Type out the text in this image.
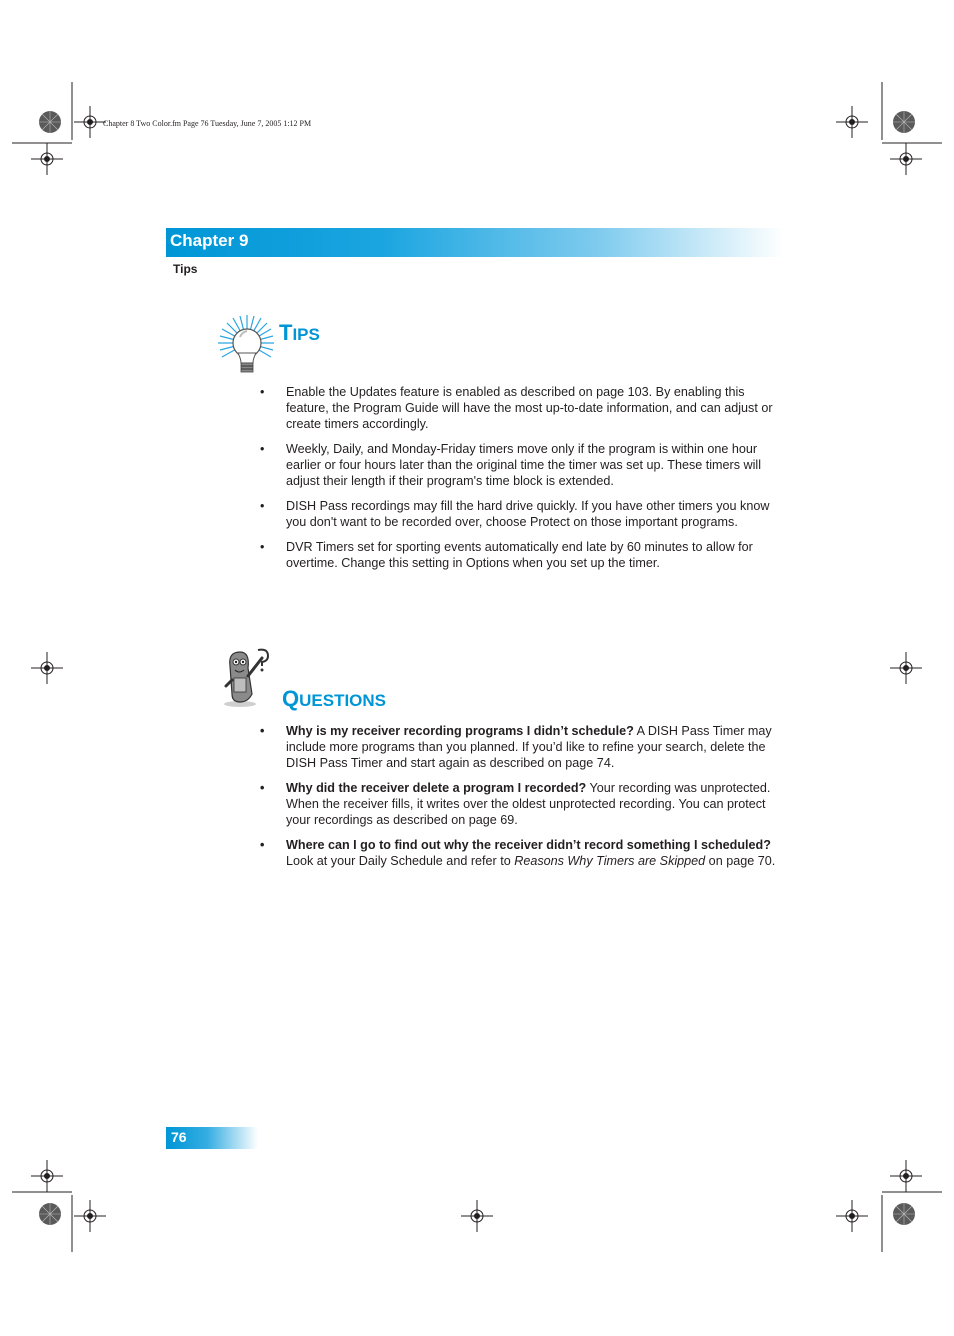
Chapter 8 Two Color.fm Page 76 Tuesday, June 7, 2005 1:12 PM
Chapter 9
Tips
TIPS
• Enable the Updates feature is enabled as described on page 103. By enabling this feature, the Program Guide will have the most up-to-date information, and can adjust or create timers accordingly.
• Weekly, Daily, and Monday-Friday timers move only if the program is within one hour earlier or four hours later than the original time the timer was set up. These timers will adjust their length if their program's time block is extended.
• DISH Pass recordings may fill the hard drive quickly. If you have other timers you know you don't want to be recorded over, choose Protect on those important programs.
• DVR Timers set for sporting events automatically end late by 60 minutes to allow for overtime. Change this setting in Options when you set up the timer.
QUESTIONS
• Why is my receiver recording programs I didn’t schedule? A DISH Pass Timer may include more programs than you planned. If you’d like to refine your search, delete the DISH Pass Timer and start again as described on page 74.
• Why did the receiver delete a program I recorded? Your recording was unprotected. When the receiver fills, it writes over the oldest unprotected recording. You can protect your recordings as described on page 69.
• Where can I go to find out why the receiver didn’t record something I scheduled? Look at your Daily Schedule and refer to Reasons Why Timers are Skipped on page 70.
76
